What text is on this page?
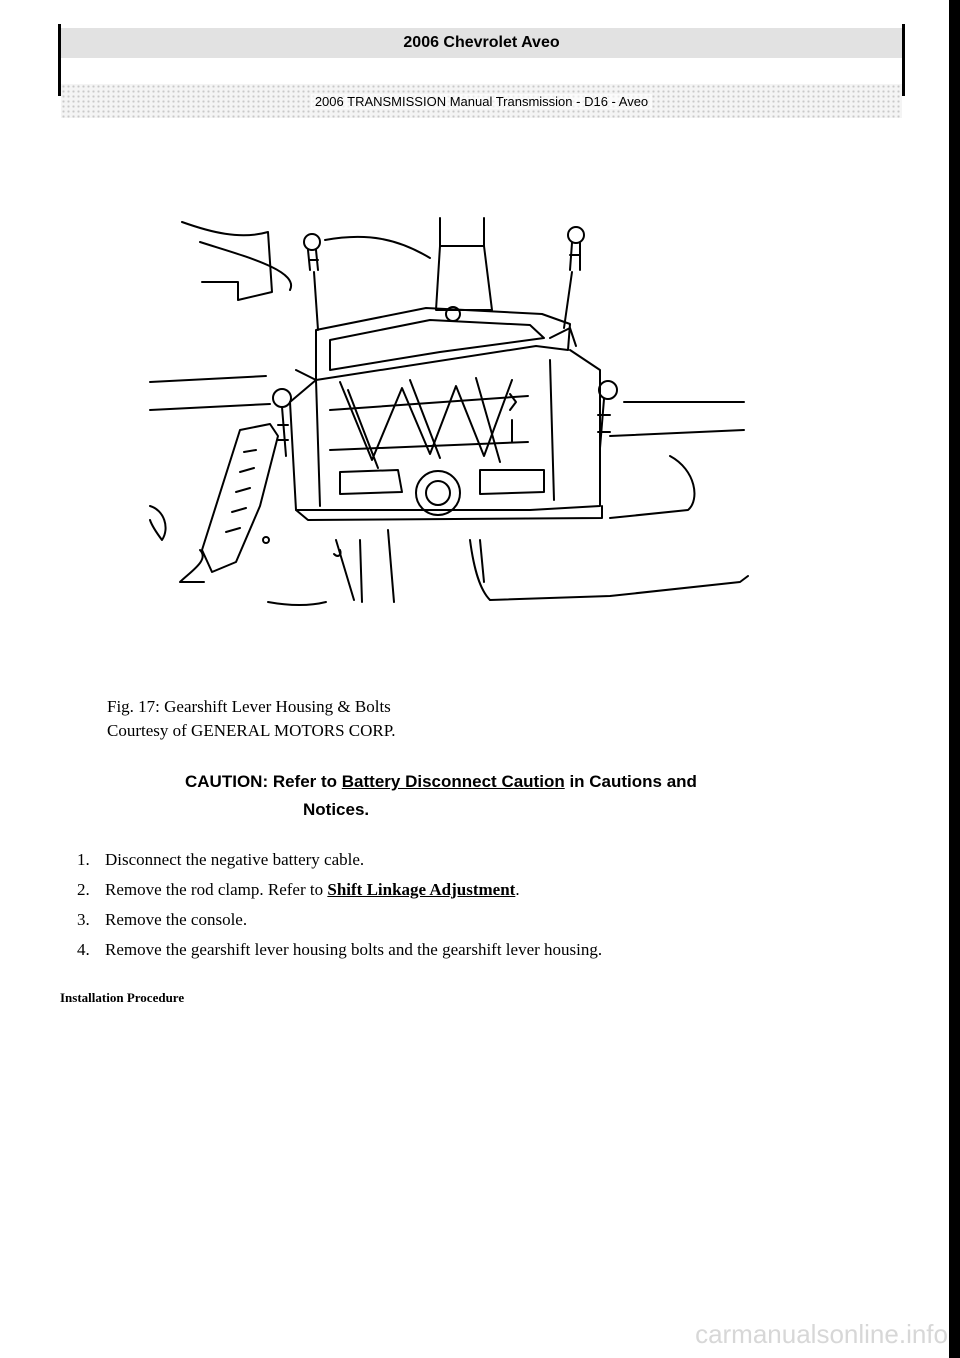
2006 Chevrolet Aveo
2006 TRANSMISSION Manual Transmission - D16 - Aveo
Fig. 17: Gearshift Lever Housing & Bolts
Courtesy of GENERAL MOTORS CORP.
CAUTION: Refer to Battery Disconnect Caution in Cautions and
Notices.
1. Disconnect the negative battery cable.
2. Remove the rod clamp. Refer to Shift Linkage Adjustment.
3. Remove the console.
4. Remove the gearshift lever housing bolts and the gearshift lever housing.
Installation Procedure
carmanualsonline.info
